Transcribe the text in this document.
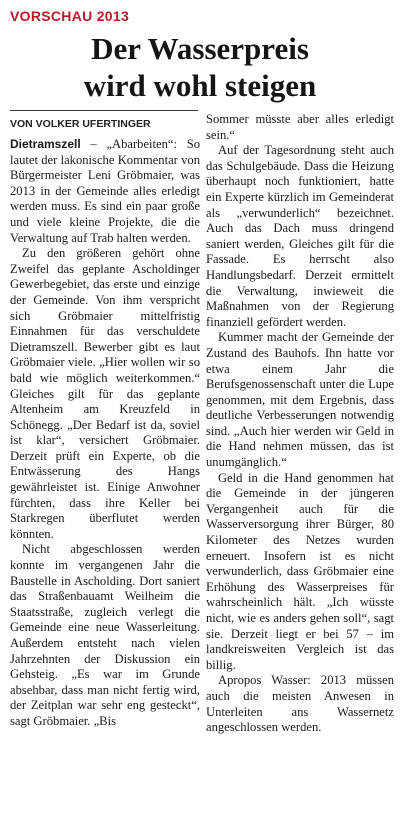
VORSCHAU 2013
Der Wasserpreis
wird wohl steigen
VON VOLKER UFERTINGER

Dietramszell – „Abarbeiten“: So lautet der lakonische Kommentar von Bürgermeister Leni Gröbmaier, was 2013 in der Gemeinde alles erledigt werden muss. Es sind ein paar große und viele kleine Projekte, die die Verwaltung auf Trab halten werden.

Zu den größeren gehört ohne Zweifel das geplante Ascholdinger Gewerbegebiet, das erste und einzige der Gemeinde. Von ihm verspricht sich Gröbmaier mittelfristig Einnahmen für das verschuldete Dietramszell. Bewerber gibt es laut Gröbmaier viele. „Hier wollen wir so bald wie möglich weiterkommen.“ Gleiches gilt für das geplante Altenheim am Kreuzfeld in Schönegg. „Der Bedarf ist da, soviel ist klar“, versichert Gröbmaier. Derzeit prüft ein Experte, ob die Entwässerung des Hangs gewährleistet ist. Einige Anwohner fürchten, dass ihre Keller bei Starkregen überflutet werden könnten.

Nicht abgeschlossen werden konnte im vergangenen Jahr die Baustelle in Ascholding. Dort saniert das Straßenbauamt Weilheim die Staatsstraße, zugleich verlegt die Gemeinde eine neue Wasserleitung. Außerdem entsteht nach vielen Jahrzehnten der Diskussion ein Gehsteig. „Es war im Grunde absehbar, dass man nicht fertig wird, der Zeitplan war sehr eng gesteckt“, sagt Gröbmaier. „Bis

Sommer müsste aber alles erledigt sein.“

Auf der Tagesordnung steht auch das Schulgebäude. Dass die Heizung überhaupt noch funktioniert, hatte ein Experte kürzlich im Gemeinderat als „verwunderlich“ bezeichnet. Auch das Dach muss dringend saniert werden, Gleiches gilt für die Fassade. Es herrscht also Handlungsbedarf. Derzeit ermittelt die Verwaltung, inwieweit die Maßnahmen von der Regierung finanziell gefördert werden.

Kummer macht der Gemeinde der Zustand des Bauhofs. Ihn hatte vor etwa einem Jahr die Berufsgenossenschaft unter die Lupe genommen, mit dem Ergebnis, dass deutliche Verbesserungen notwendig sind. „Auch hier werden wir Geld in die Hand nehmen müssen, das ist unumgänglich.“

Geld in die Hand genommen hat die Gemeinde in der jüngeren Vergangenheit auch für die Wasserversorgung ihrer Bürger, 80 Kilometer des Netzes wurden erneuert. Insofern ist es nicht verwunderlich, dass Gröbmaier eine Erhöhung des Wasserpreises für wahrscheinlich hält. „Ich wüsste nicht, wie es anders gehen soll“, sagt sie. Derzeit liegt er bei 57 – im landkreisweiten Vergleich ist das billig.

Apropos Wasser: 2013 müssen auch die meisten Anwesen in Unterleiten ans Wassernetz angeschlossen werden.
